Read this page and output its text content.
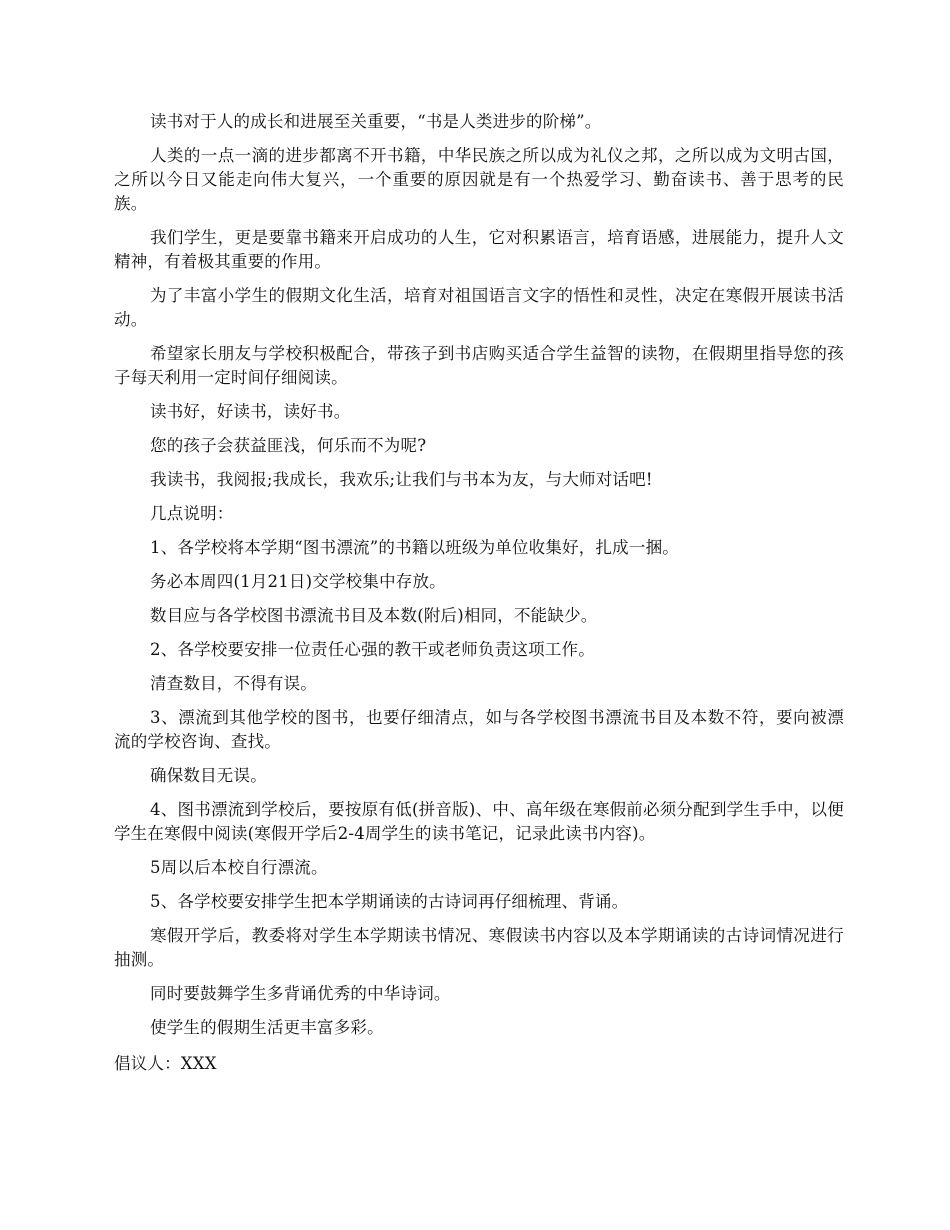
读书对于人的成长和进展至关重要，“书是人类进步的阶梯”。

人类的一点一滴的进步都离不开书籍，中华民族之所以成为礼仪之邦，之所以成为文明古国，之所以今日又能走向伟大复兴，一个重要的原因就是有一个热爱学习、勤奋读书、善于思考的民族。

我们学生，更是要靠书籍来开启成功的人生，它对积累语言，培育语感，进展能力，提升人文精神，有着极其重要的作用。

为了丰富小学生的假期文化生活，培育对祖国语言文字的悟性和灵性，决定在寒假开展读书活动。

希望家长朋友与学校积极配合，带孩子到书店购买适合学生益智的读物，在假期里指导您的孩子每天利用一定时间仔细阅读。

读书好，好读书，读好书。

您的孩子会获益匪浅，何乐而不为呢?

我读书，我阅报;我成长，我欢乐;让我们与书本为友，与大师对话吧!

几点说明：

1、各学校将本学期“图书漂流”的书籍以班级为单位收集好，扎成一捆。

务必本周四(1月21日)交学校集中存放。

数目应与各学校图书漂流书目及本数(附后)相同，不能缺少。

2、各学校要安排一位责任心强的教干或老师负责这项工作。

清查数目，不得有误。

3、漂流到其他学校的图书，也要仔细清点，如与各学校图书漂流书目及本数不符，要向被漂流的学校咨询、查找。

确保数目无误。

4、图书漂流到学校后，要按原有低(拼音版)、中、高年级在寒假前必须分配到学生手中，以便学生在寒假中阅读(寒假开学后2-4周学生的读书笔记，记录此读书内容)。

5周以后本校自行漂流。

5、各学校要安排学生把本学期诵读的古诗词再仔细梳理、背诵。

寒假开学后，教委将对学生本学期读书情况、寒假读书内容以及本学期诵读的古诗词情况进行抽测。

同时要鼓舞学生多背诵优秀的中华诗词。

使学生的假期生活更丰富多彩。

倡议人：XXX
